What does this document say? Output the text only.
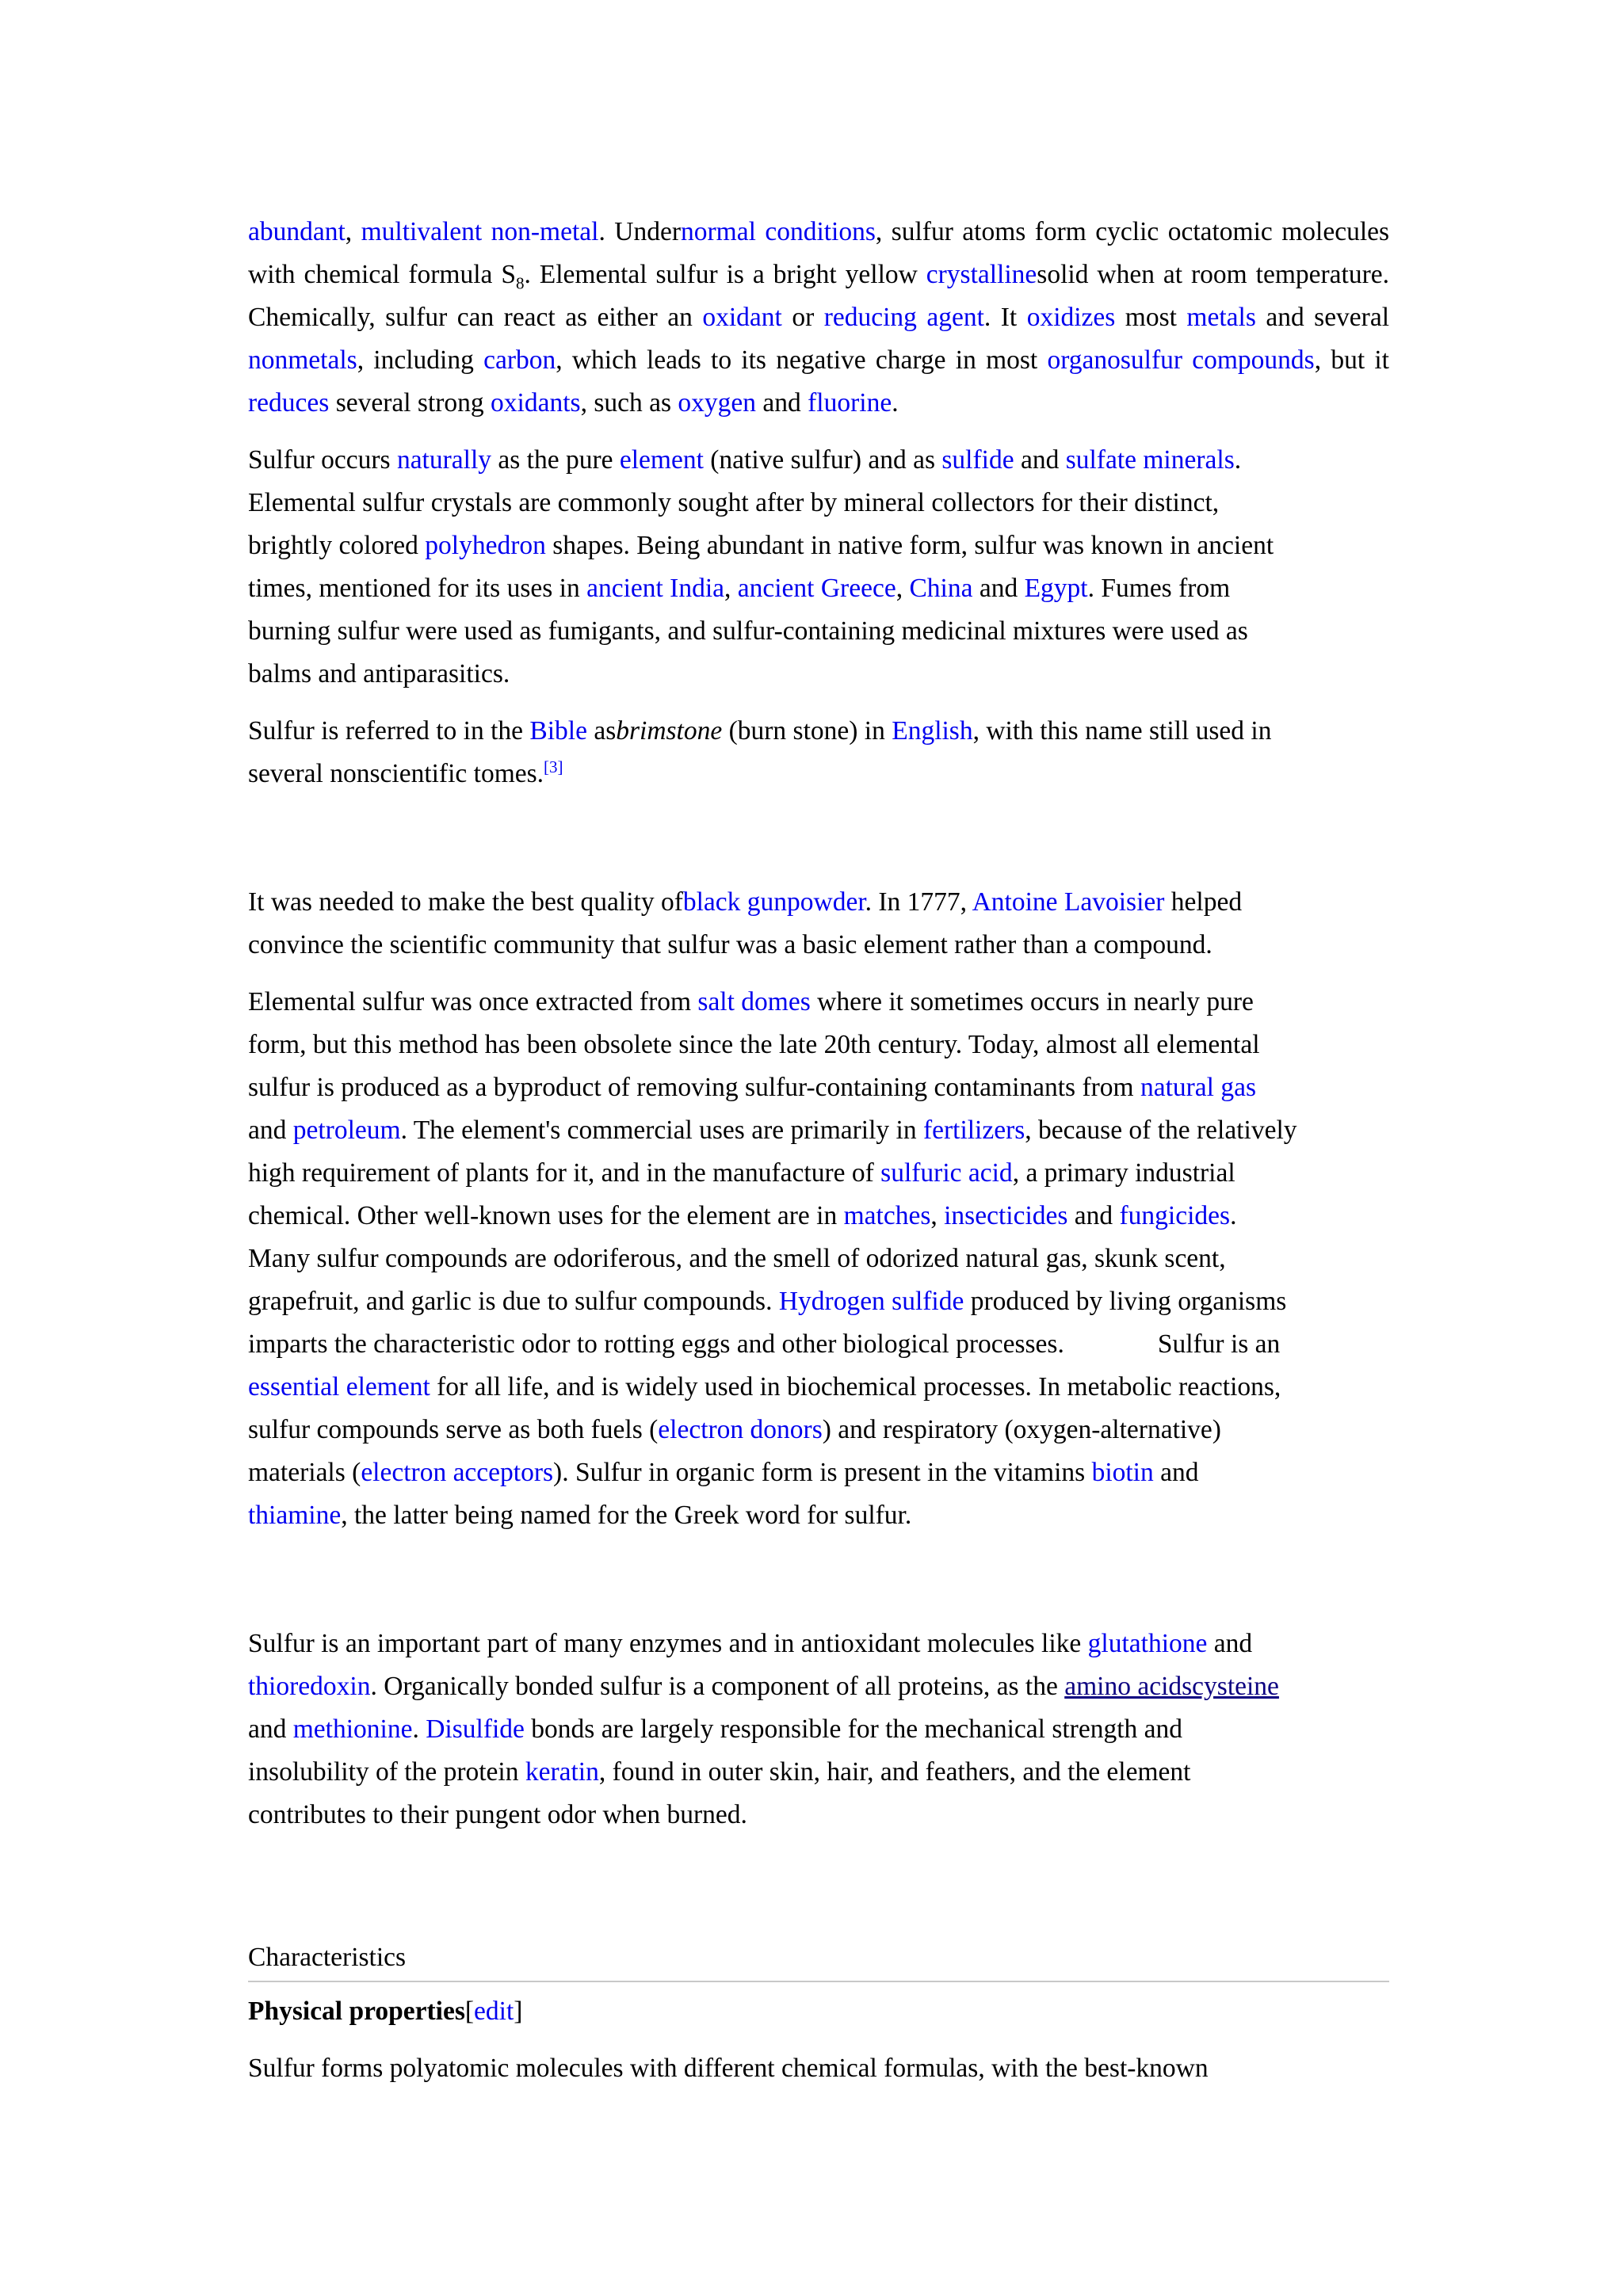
abundant, multivalent non-metal. Undernormal conditions, sulfur atoms form cyclic octatomic molecules with chemical formula $S_8$. Elemental sulfur is a bright yellow crystallinesolid when at room temperature. Chemically, sulfur can react as either an oxidant or reducing agent. It oxidizes most metals and several nonmetals, including carbon, which leads to its negative charge in most organosulfur compounds, but it reduces several strong oxidants, such as oxygen and fluorine.

Sulfur occurs naturally as the pure element (native sulfur) and as sulfide and sulfate minerals.
Elemental sulfur crystals are commonly sought after by mineral collectors for their distinct,
brightly colored polyhedron shapes. Being abundant in native form, sulfur was known in ancient
times, mentioned for its uses in ancient India, ancient Greece, China and Egypt. Fumes from
burning sulfur were used as fumigants, and sulfur-containing medicinal mixtures were used as
balms and antiparasitics.

Sulfur is referred to in the Bible asbrimstone (burn stone) in English, with this name still used in
several nonscientific tomes.[3]

It was needed to make the best quality ofblack gunpowder. In 1777, Antoine Lavoisier helped
convince the scientific community that sulfur was a basic element rather than a compound.

Elemental sulfur was once extracted from salt domes where it sometimes occurs in nearly pure
form, but this method has been obsolete since the late 20th century. Today, almost all elemental
sulfur is produced as a byproduct of removing sulfur-containing contaminants from natural gas
and petroleum. The element's commercial uses are primarily in fertilizers, because of the relatively
high requirement of plants for it, and in the manufacture of sulfuric acid, a primary industrial
chemical. Other well-known uses for the element are in matches, insecticides and fungicides.
Many sulfur compounds are odoriferous, and the smell of odorized natural gas, skunk scent,
grapefruit, and garlic is due to sulfur compounds. Hydrogen sulfide produced by living organisms
imparts the characteristic odor to rotting eggs and other biological processes.	Sulfur is an
essential element for all life, and is widely used in biochemical processes. In metabolic reactions,
sulfur compounds serve as both fuels (electron donors) and respiratory (oxygen-alternative)
materials (electron acceptors). Sulfur in organic form is present in the vitamins biotin and
thiamine, the latter being named for the Greek word for sulfur.

Sulfur is an important part of many enzymes and in antioxidant molecules like glutathione and
thioredoxin. Organically bonded sulfur is a component of all proteins, as the amino acidscysteine
and methionine. Disulfide bonds are largely responsible for the mechanical strength and
insolubility of the protein keratin, found in outer skin, hair, and feathers, and the element
contributes to their pungent odor when burned.

Characteristics

Physical properties[edit]

Sulfur forms polyatomic molecules with different chemical formulas, with the best-known
